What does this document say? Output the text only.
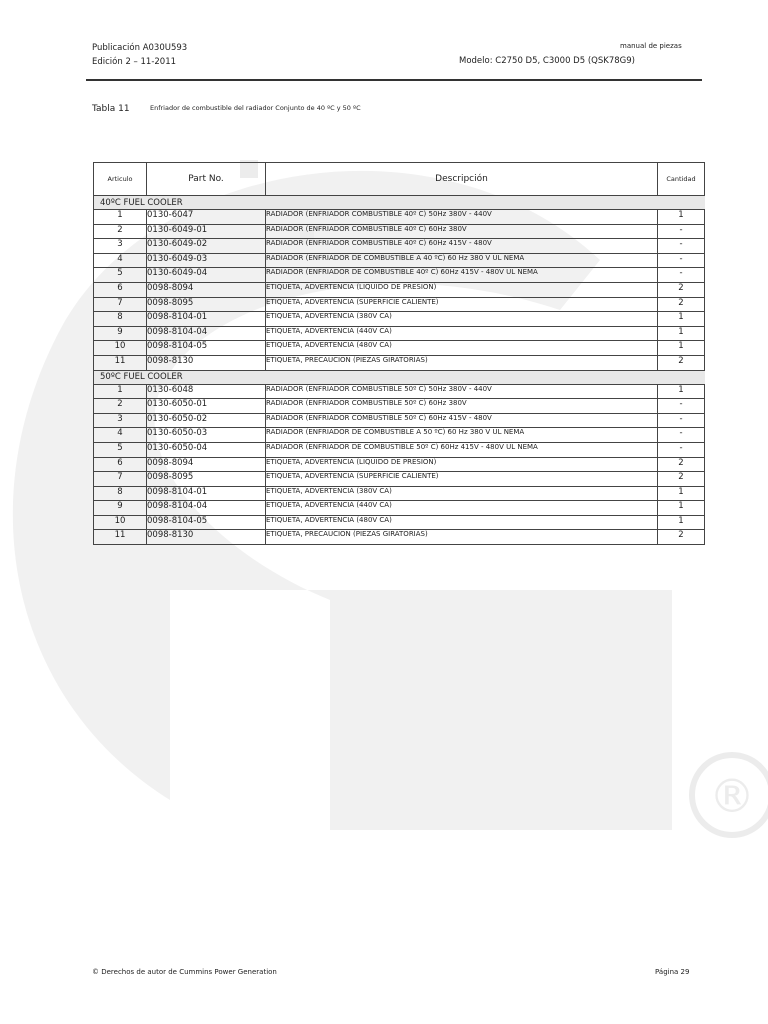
®
Publicación A030U593
Edición 2 – 11-2011
manual de piezas
Modelo: C2750 D5, C3000 D5 (QSK78G9)
Tabla 11	Enfriador de combustible del radiador Conjunto de 40 ºC y 50 ºC
Articulo	Part No.	Descripción	Cantidad
40ºC FUEL COOLER			
1	0130-6047	RADIADOR (ENFRIADOR COMBUSTIBLE 40º C) 50Hz 380V - 440V	1
2	0130-6049-01	RADIADOR (ENFRIADOR COMBUSTIBLE 40º C) 60Hz 380V	-
3	0130-6049-02	RADIADOR (ENFRIADOR COMBUSTIBLE 40º C) 60Hz 415V - 480V	-
4	0130-6049-03	RADIADOR (ENFRIADOR DE COMBUSTIBLE A 40 ºC) 60 Hz 380 V UL NEMA	-
5	0130-6049-04	RADIADOR (ENFRIADOR DE COMBUSTIBLE 40º C) 60Hz 415V - 480V UL NEMA	-
6	0098-8094	ETIQUETA, ADVERTENCIA (LIQUIDO DE PRESION)	2
7	0098-8095	ETIQUETA, ADVERTENCIA (SUPERFICIE CALIENTE)	2
8	0098-8104-01	ETIQUETA, ADVERTENCIA (380V CA)	1
9	0098-8104-04	ETIQUETA, ADVERTENCIA (440V CA)	1
10	0098-8104-05	ETIQUETA, ADVERTENCIA (480V CA)	1
11	0098-8130	ETIQUETA, PRECAUCION (PIEZAS GIRATORIAS)	2
50ºC FUEL COOLER			
1	0130-6048	RADIADOR (ENFRIADOR COMBUSTIBLE 50º C) 50Hz 380V - 440V	1
2	0130-6050-01	RADIADOR (ENFRIADOR COMBUSTIBLE 50º C) 60Hz 380V	-
3	0130-6050-02	RADIADOR (ENFRIADOR COMBUSTIBLE 50º C) 60Hz 415V - 480V	-
4	0130-6050-03	RADIADOR (ENFRIADOR DE COMBUSTIBLE A 50 ºC) 60 Hz 380 V UL NEMA	-
5	0130-6050-04	RADIADOR (ENFRIADOR DE COMBUSTIBLE 50º C) 60Hz 415V - 480V UL NEMA	-
6	0098-8094	ETIQUETA, ADVERTENCIA (LIQUIDO DE PRESION)	2
7	0098-8095	ETIQUETA, ADVERTENCIA (SUPERFICIE CALIENTE)	2
8	0098-8104-01	ETIQUETA, ADVERTENCIA (380V CA)	1
9	0098-8104-04	ETIQUETA, ADVERTENCIA (440V CA)	1
10	0098-8104-05	ETIQUETA, ADVERTENCIA (480V CA)	1
11	0098-8130	ETIQUETA, PRECAUCION (PIEZAS GIRATORIAS)	2
© Derechos de autor de Cummins Power Generation	Página 29
